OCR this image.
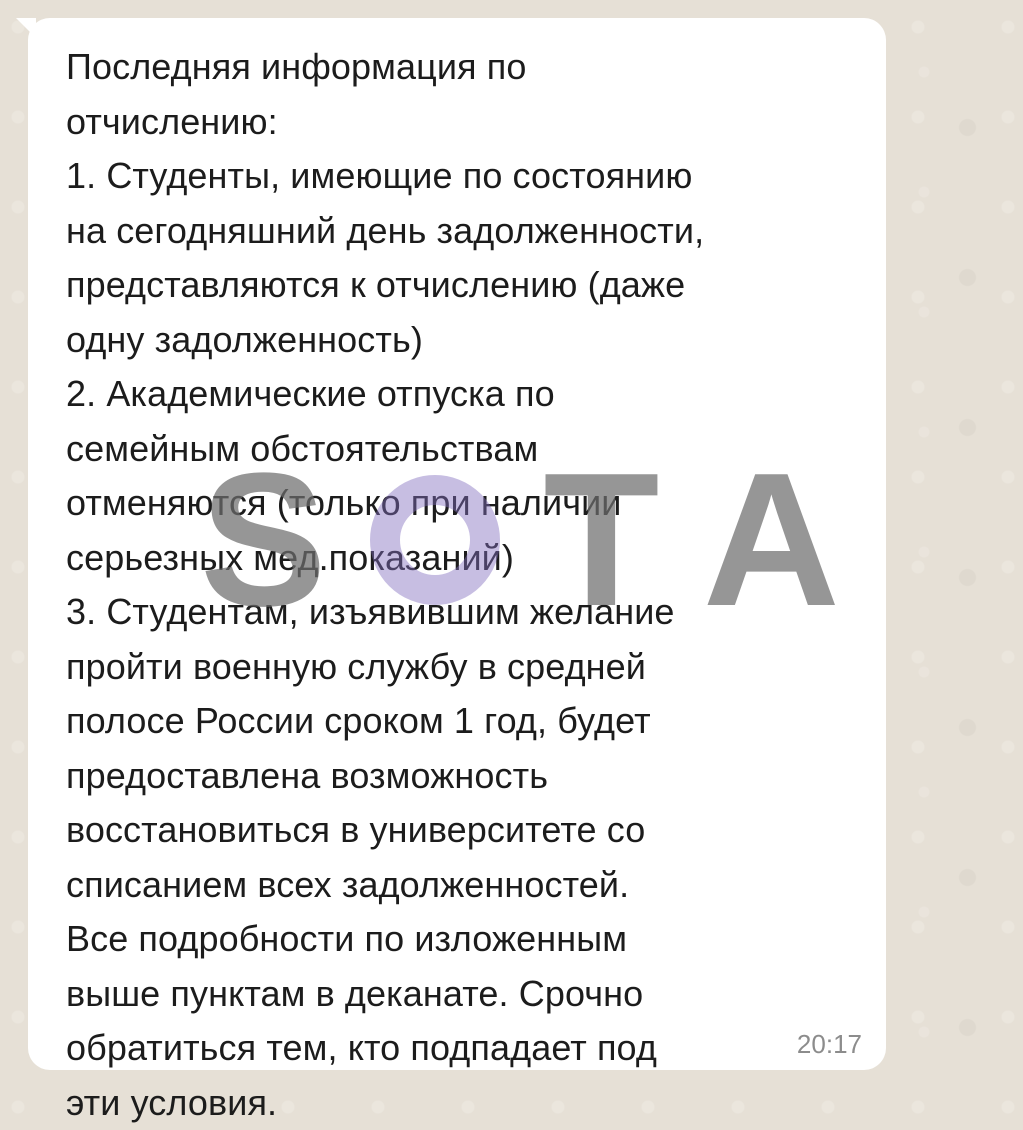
Последняя информация по
отчислению:
1. Студенты, имеющие по состоянию
на сегодняшний день задолженности,
представляются к отчислению (даже
одну задолженность)
2. Академические отпуска по
семейным обстоятельствам
отменяются (только при наличии
серьезных мед.показаний)
3. Студентам, изъявившим желание
пройти военную службу в средней
полосе России сроком 1 год, будет
предоставлена возможность
восстановиться в университете со
списанием всех задолженностей.
Все подробности по изложенным
выше пунктам в деканате. Срочно
обратиться тем, кто подпадает под
эти условия.

20:17
S T A
